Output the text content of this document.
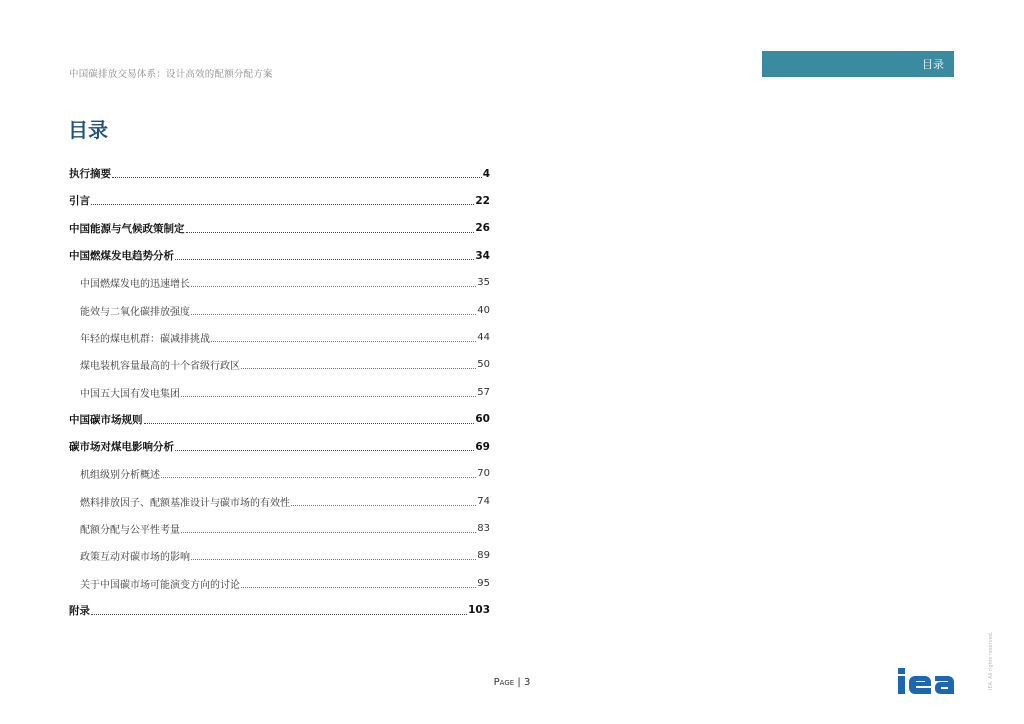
中国碳排放交易体系：设计高效的配额分配方案
目录
目录
执行摘要	4
引言	22
中国能源与气候政策制定	26
中国燃煤发电趋势分析	34
中国燃煤发电的迅速增长	35
能效与二氧化碳排放强度	40
年轻的煤电机群：碳减排挑战	44
煤电装机容量最高的十个省级行政区	50
中国五大国有发电集团	57
中国碳市场规则	60
碳市场对煤电影响分析	69
机组级别分析概述	70
燃料排放因子、配额基准设计与碳市场的有效性	74
配额分配与公平性考量	83
政策互动对碳市场的影响	89
关于中国碳市场可能演变方向的讨论	95
附录	103
Page | 3	IEA. All rights reserved.
